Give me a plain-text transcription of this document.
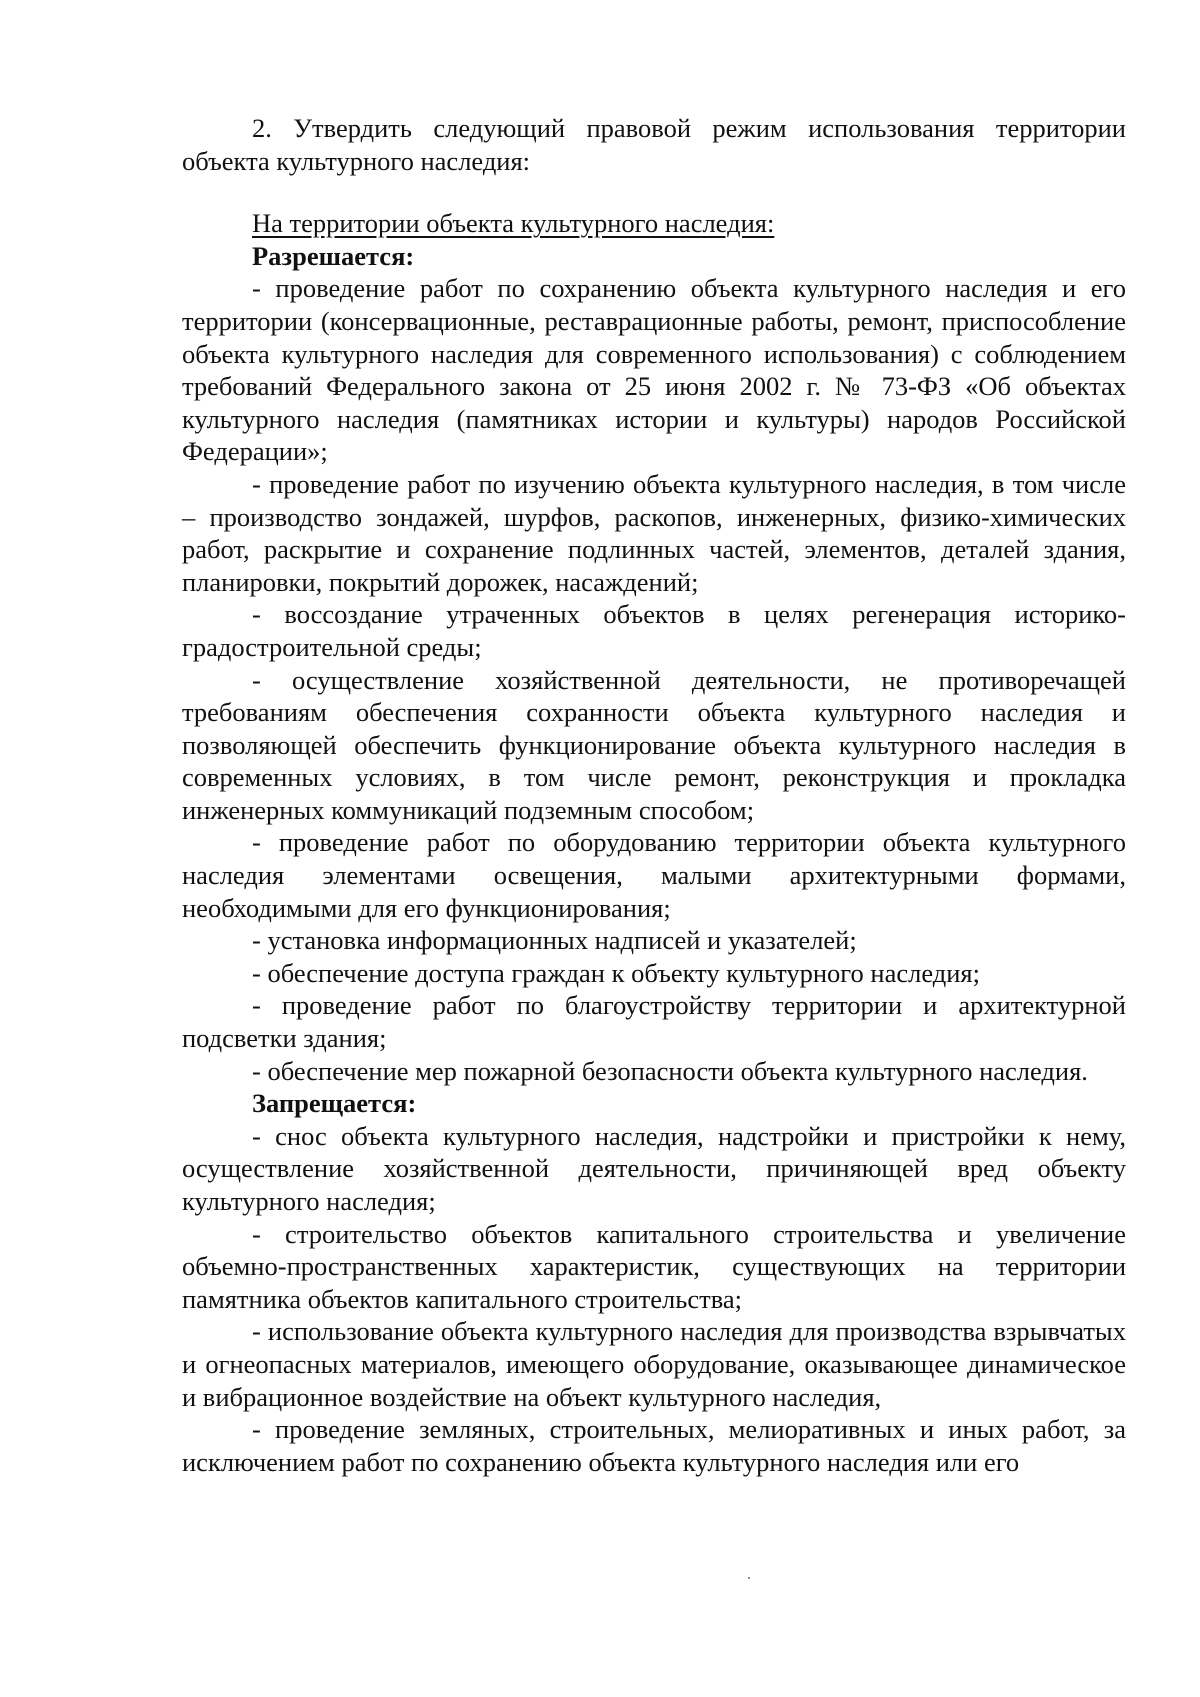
2. Утвердить следующий правовой режим использования территории объекта культурного наследия:

На территории объекта культурного наследия:

Разрешается:

- проведение работ по сохранению объекта культурного наследия и его территории (консервационные, реставрационные работы, ремонт, приспособление объекта культурного наследия для современного использования) с соблюдением требований Федерального закона от 25 июня 2002 г. № 73-ФЗ «Об объектах культурного наследия (памятниках истории и культуры) народов Российской Федерации»;

- проведение работ по изучению объекта культурного наследия, в том числе – производство зондажей, шурфов, раскопов, инженерных, физико-химических работ, раскрытие и сохранение подлинных частей, элементов, деталей здания, планировки, покрытий дорожек, насаждений;

- воссоздание утраченных объектов в целях регенерация историко-градостроительной среды;

- осуществление хозяйственной деятельности, не противоречащей требованиям обеспечения сохранности объекта культурного наследия и позволяющей обеспечить функционирование объекта культурного наследия в современных условиях, в том числе ремонт, реконструкция и прокладка инженерных коммуникаций подземным способом;

- проведение работ по оборудованию территории объекта культурного наследия элементами освещения, малыми архитектурными формами, необходимыми для его функционирования;

- установка информационных надписей и указателей;

- обеспечение доступа граждан к объекту культурного наследия;

- проведение работ по благоустройству территории и архитектурной подсветки здания;

- обеспечение мер пожарной безопасности объекта культурного наследия.

Запрещается:

- снос объекта культурного наследия, надстройки и пристройки к нему, осуществление хозяйственной деятельности, причиняющей вред объекту культурного наследия;

- строительство объектов капитального строительства и увеличение объемно-пространственных характеристик, существующих на территории памятника объектов капитального строительства;

- использование объекта культурного наследия для производства взрывчатых и огнеопасных материалов, имеющего оборудование, оказывающее динамическое и вибрационное воздействие на объект культурного наследия,

- проведение земляных, строительных, мелиоративных и иных работ, за исключением работ по сохранению объекта культурного наследия или его
